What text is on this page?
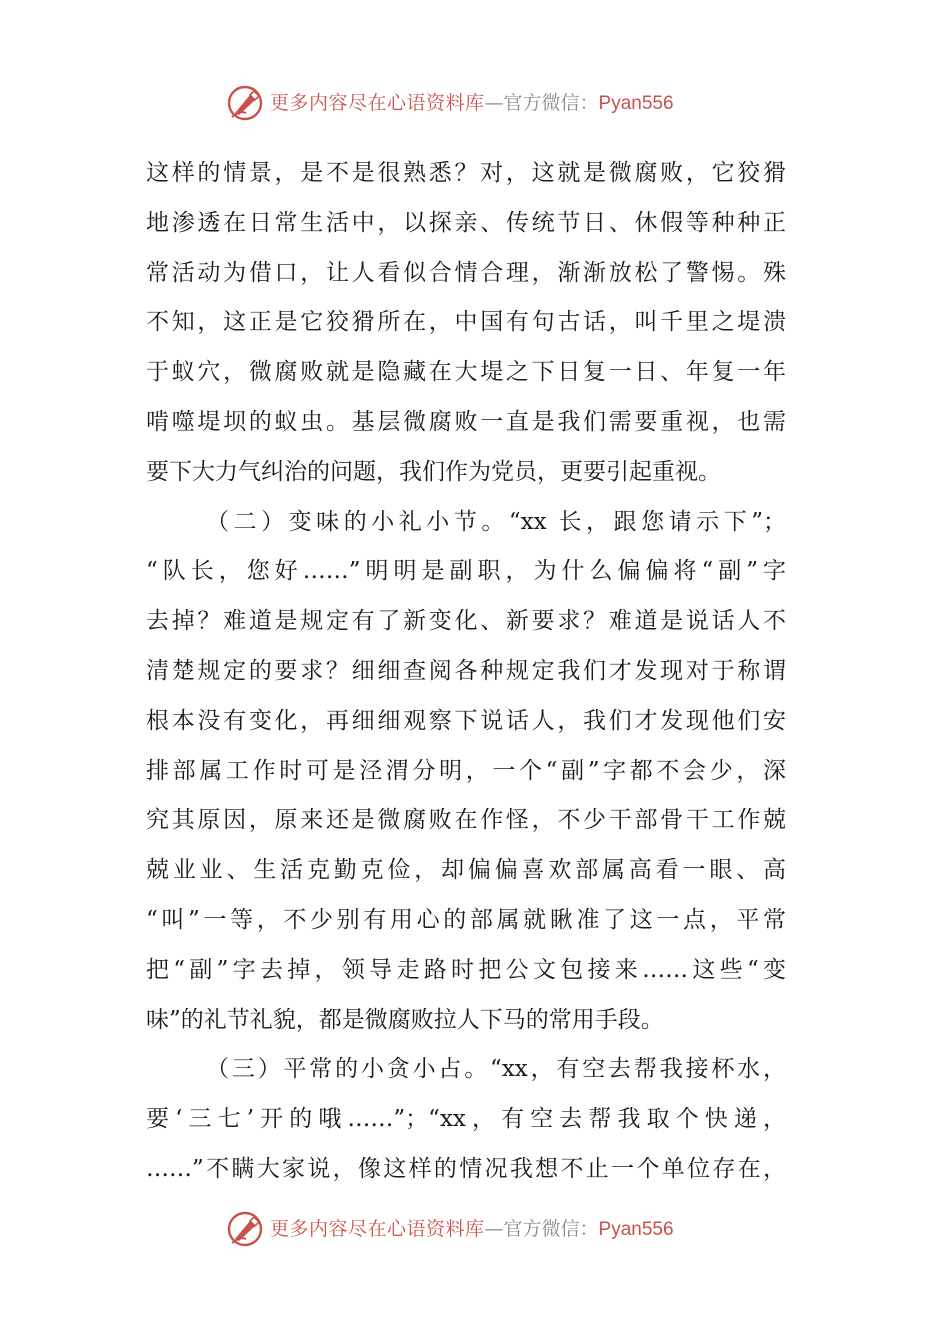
更多内容尽在心语资料库—官方微信：Pyan556
这样的情景，是不是很熟悉？对，这就是微腐败，它狡猾
地渗透在日常生活中，以探亲、传统节日、休假等种种正
常活动为借口，让人看似合情合理，渐渐放松了警惕。殊
不知，这正是它狡猾所在，中国有句古话，叫千里之堤溃
于蚁穴，微腐败就是隐藏在大堤之下日复一日、年复一年
啃噬堤坝的蚁虫。基层微腐败一直是我们需要重视，也需
要下大力气纠治的问题，我们作为党员，更要引起重视。
（二）变味的小礼小节。“xx 长，跟您请示下”；
“队长，您好……”明明是副职，为什么偏偏将“副”字
去掉？难道是规定有了新变化、新要求？难道是说话人不
清楚规定的要求？细细查阅各种规定我们才发现对于称谓
根本没有变化，再细细观察下说话人，我们才发现他们安
排部属工作时可是泾渭分明，一个“副”字都不会少，深
究其原因，原来还是微腐败在作怪，不少干部骨干工作兢
兢业业、生活克勤克俭，却偏偏喜欢部属高看一眼、高
“叫”一等，不少别有用心的部属就瞅准了这一点，平常
把“副”字去掉，领导走路时把公文包接来……这些“变
味”的礼节礼貌，都是微腐败拉人下马的常用手段。
（三）平常的小贪小占。“xx，有空去帮我接杯水，
要‘三七’开的哦……”；“xx，有空去帮我取个快递，
……”不瞒大家说，像这样的情况我想不止一个单位存在，
更多内容尽在心语资料库—官方微信：Pyan556
